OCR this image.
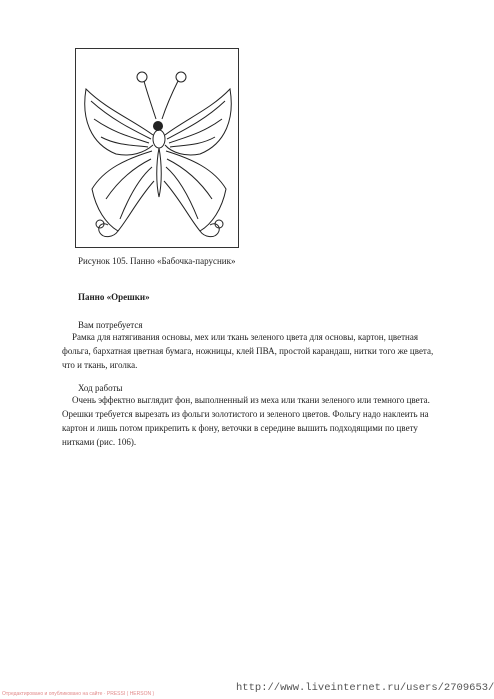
Рисунок 105. Панно «Бабочка-парусник»
Панно «Орешки»
Вам потребуется

Рамка для натягивания основы, мех или ткань зеленого цвета для основы, картон, цветная фольга, бархатная цветная бумага, ножницы, клей ПВА, простой карандаш, нитки того же цвета, что и ткань, иголка.

Ход работы

Очень эффектно выглядит фон, выполненный из меха или ткани зеленого или темного цвета. Орешки требуется вырезать из фольги золотистого и зеленого цветов. Фольгу надо наклеить на картон и лишь потом прикрепить к фону, веточки в середине вышить подходящими по цвету нитками (рис. 106).

Отредактировано и опубликовано на сайте · PRESSI ( HERSON )	http://www.liveinternet.ru/users/2709653/
